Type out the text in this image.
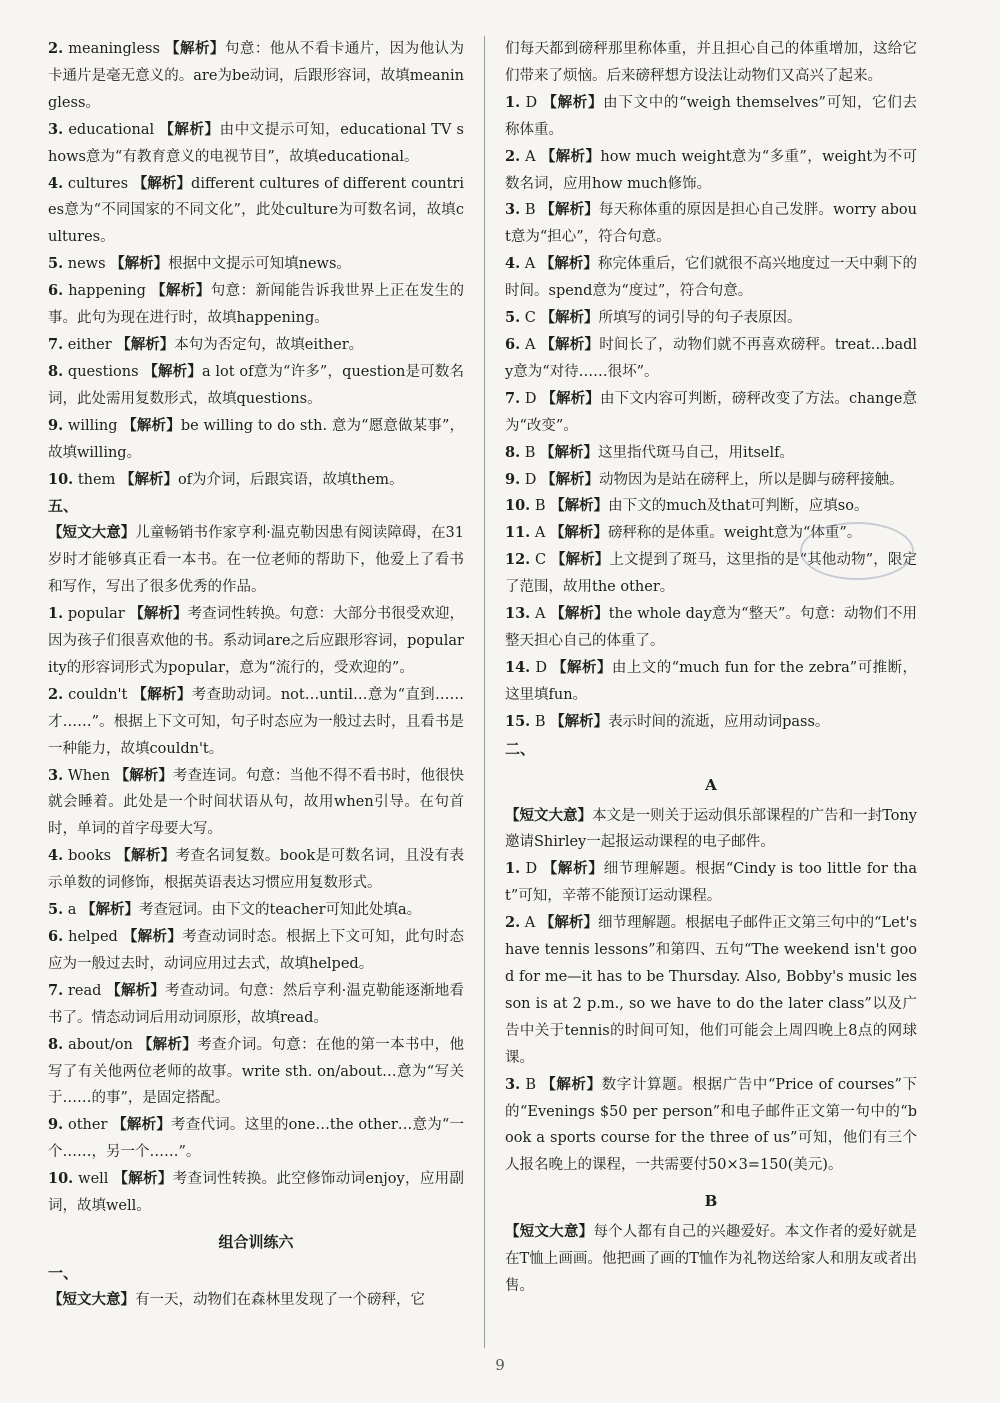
2. meaningless 【解析】句意：他从不看卡通片，因为他认为卡通片是毫无意义的。are为be动词，后跟形容词，故填meaningless。

3. educational 【解析】由中文提示可知，educational TV shows意为“有教育意义的电视节目”，故填educational。

4. cultures 【解析】different cultures of different countries意为“不同国家的不同文化”，此处culture为可数名词，故填cultures。

5. news 【解析】根据中文提示可知填news。

6. happening 【解析】句意：新闻能告诉我世界上正在发生的事。此句为现在进行时，故填happening。

7. either 【解析】本句为否定句，故填either。

8. questions 【解析】a lot of意为“许多”，question是可数名词，此处需用复数形式，故填questions。

9. willing 【解析】be willing to do sth. 意为“愿意做某事”，故填willing。

10. them 【解析】of为介词，后跟宾语，故填them。

五、

【短文大意】儿童畅销书作家亨利·温克勒因患有阅读障碍，在31岁时才能够真正看一本书。在一位老师的帮助下，他爱上了看书和写作，写出了很多优秀的作品。

1. popular 【解析】考查词性转换。句意：大部分书很受欢迎，因为孩子们很喜欢他的书。系动词are之后应跟形容词，popularity的形容词形式为popular，意为“流行的，受欢迎的”。

2. couldn't 【解析】考查助动词。not…until…意为“直到……才……”。根据上下文可知，句子时态应为一般过去时，且看书是一种能力，故填couldn't。

3. When 【解析】考查连词。句意：当他不得不看书时，他很快就会睡着。此处是一个时间状语从句，故用when引导。在句首时，单词的首字母要大写。

4. books 【解析】考查名词复数。book是可数名词，且没有表示单数的词修饰，根据英语表达习惯应用复数形式。

5. a 【解析】考查冠词。由下文的teacher可知此处填a。

6. helped 【解析】考查动词时态。根据上下文可知，此句时态应为一般过去时，动词应用过去式，故填helped。

7. read 【解析】考查动词。句意：然后亨利·温克勒能逐渐地看书了。情态动词后用动词原形，故填read。

8. about/on 【解析】考查介词。句意：在他的第一本书中，他写了有关他两位老师的故事。write sth. on/about…意为“写关于……的事”，是固定搭配。

9. other 【解析】考查代词。这里的one…the other…意为“一个……，另一个……”。

10. well 【解析】考查词性转换。此空修饰动词enjoy，应用副词，故填well。

组合训练六

一、

【短文大意】有一天，动物们在森林里发现了一个磅秤，它

们每天都到磅秤那里称体重，并且担心自己的体重增加，这给它们带来了烦恼。后来磅秤想方设法让动物们又高兴了起来。

1. D 【解析】由下文中的“weigh themselves”可知，它们去称体重。

2. A 【解析】how much weight意为“多重”，weight为不可数名词，应用how much修饰。

3. B 【解析】每天称体重的原因是担心自己发胖。worry about意为“担心”，符合句意。

4. A 【解析】称完体重后，它们就很不高兴地度过一天中剩下的时间。spend意为“度过”，符合句意。

5. C 【解析】所填写的词引导的句子表原因。

6. A 【解析】时间长了，动物们就不再喜欢磅秤。treat…badly意为“对待……很坏”。

7. D 【解析】由下文内容可判断，磅秤改变了方法。change意为“改变”。

8. B 【解析】这里指代斑马自己，用itself。

9. D 【解析】动物因为是站在磅秤上，所以是脚与磅秤接触。

10. B 【解析】由下文的much及that可判断，应填so。

11. A 【解析】磅秤称的是体重。weight意为“体重”。

12. C 【解析】上文提到了斑马，这里指的是“其他动物”，限定了范围，故用the other。

13. A 【解析】the whole day意为“整天”。句意：动物们不用整天担心自己的体重了。

14. D 【解析】由上文的“much fun for the zebra”可推断，这里填fun。

15. B 【解析】表示时间的流逝，应用动词pass。

二、

A

【短文大意】本文是一则关于运动俱乐部课程的广告和一封Tony邀请Shirley一起报运动课程的电子邮件。

1. D 【解析】细节理解题。根据“Cindy is too little for that”可知，辛蒂不能预订运动课程。

2. A 【解析】细节理解题。根据电子邮件正文第三句中的“Let's have tennis lessons”和第四、五句“The weekend isn't good for me—it has to be Thursday. Also, Bobby's music lesson is at 2 p.m., so we have to do the later class”以及广告中关于tennis的时间可知，他们可能会上周四晚上8点的网球课。

3. B 【解析】数字计算题。根据广告中“Price of courses”下的“Evenings $50 per person”和电子邮件正文第一句中的“book a sports course for the three of us”可知，他们有三个人报名晚上的课程，一共需要付50×3=150(美元)。

B

【短文大意】每个人都有自己的兴趣爱好。本文作者的爱好就是在T恤上画画。他把画了画的T恤作为礼物送给家人和朋友或者出售。

9
